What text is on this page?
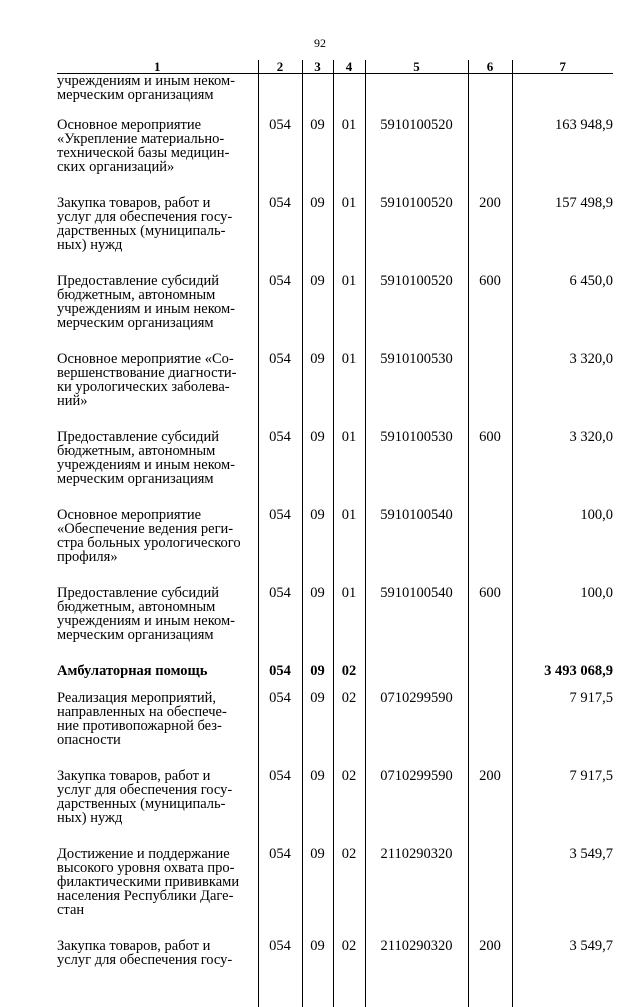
92
1	2	3	4	5	6	7

учреждениям и иным неком-
мерческим организациям						

Основное мероприятие
«Укрепление материально-
технической базы медицин-
ских организаций»	054	09	01	5910100520		163 948,9

Закупка товаров, работ и
услуг для обеспечения госу-
дарственных (муниципаль-
ных) нужд	054	09	01	5910100520	200	157 498,9

Предоставление субсидий
бюджетным, автономным
учреждениям и иным неком-
мерческим организациям	054	09	01	5910100520	600	6 450,0

Основное мероприятие «Со-
вершенствование диагности-
ки урологических заболева-
ний»	054	09	01	5910100530		3 320,0

Предоставление субсидий
бюджетным, автономным
учреждениям и иным неком-
мерческим организациям	054	09	01	5910100530	600	3 320,0

Основное мероприятие
«Обеспечение ведения реги-
стра больных урологического
профиля»	054	09	01	5910100540		100,0

Предоставление субсидий
бюджетным, автономным
учреждениям и иным неком-
мерческим организациям	054	09	01	5910100540	600	100,0

Амбулаторная помощь	054	09	02			3 493 068,9

Реализация мероприятий,
направленных на обеспече-
ние противопожарной без-
опасности	054	09	02	0710299590		7 917,5

Закупка товаров, работ и
услуг для обеспечения госу-
дарственных (муниципаль-
ных) нужд	054	09	02	0710299590	200	7 917,5

Достижение и поддержание
высокого уровня охвата про-
филактическими прививками
населения Республики Даге-
стан	054	09	02	2110290320		3 549,7

Закупка товаров, работ и
услуг для обеспечения госу-	054	09	02	2110290320	200	3 549,7
